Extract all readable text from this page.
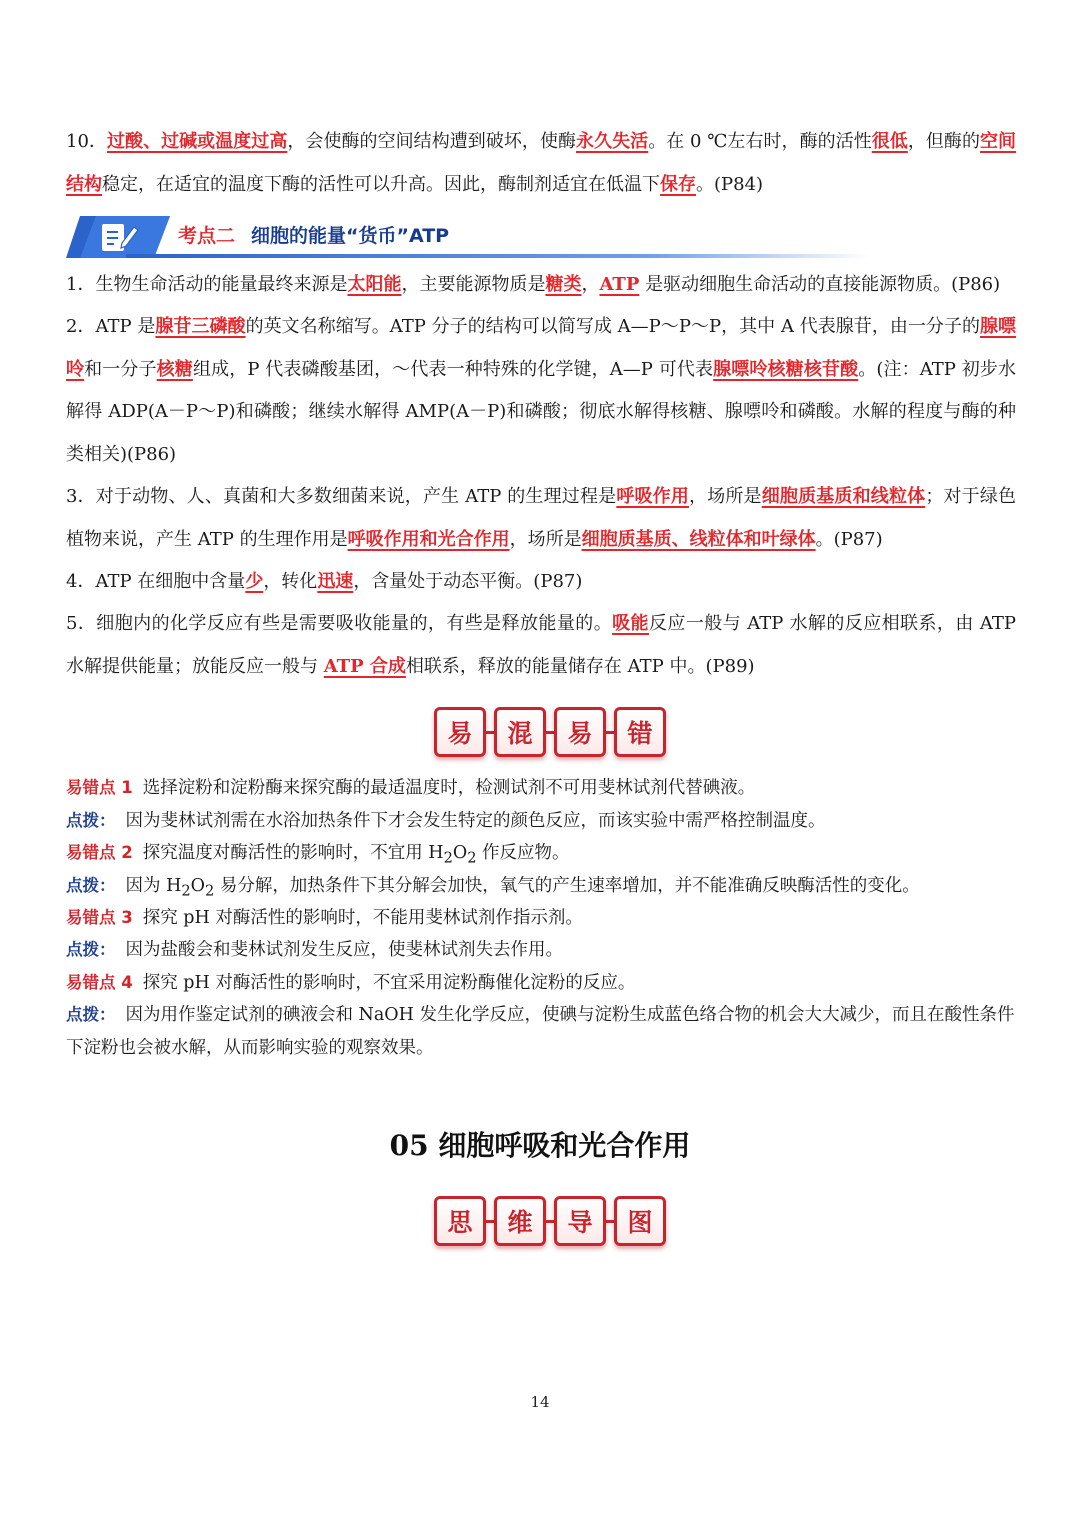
10．过酸、过碱或温度过高，会使酶的空间结构遭到破坏，使酶永久失活。在 0 ℃左右时，酶的活性很低，但酶的空间结构稳定，在适宜的温度下酶的活性可以升高。因此，酶制剂适宜在低温下保存。(P84)

考点二 细胞的能量“货币”ATP

1．生物生命活动的能量最终来源是太阳能，主要能源物质是糖类，ATP 是驱动细胞生命活动的直接能源物质。(P86)

2．ATP 是腺苷三磷酸的英文名称缩写。ATP 分子的结构可以简写成 A—P～P～P，其中 A 代表腺苷，由一分子的腺嘌呤和一分子核糖组成，P 代表磷酸基团，～代表一种特殊的化学键，A—P 可代表腺嘌呤核糖核苷酸。(注：ATP 初步水解得 ADP(A－P～P)和磷酸；继续水解得 AMP(A－P)和磷酸；彻底水解得核糖、腺嘌呤和磷酸。水解的程度与酶的种类相关)(P86)

3．对于动物、人、真菌和大多数细菌来说，产生 ATP 的生理过程是呼吸作用，场所是细胞质基质和线粒体；对于绿色植物来说，产生 ATP 的生理作用是呼吸作用和光合作用，场所是细胞质基质、线粒体和叶绿体。(P87)

4．ATP 在细胞中含量少，转化迅速，含量处于动态平衡。(P87)

5．细胞内的化学反应有些是需要吸收能量的，有些是释放能量的。吸能反应一般与 ATP 水解的反应相联系，由 ATP 水解提供能量；放能反应一般与 ATP 合成相联系，释放的能量储存在 ATP 中。(P89)

易	混	易	错

易错点 1 选择淀粉和淀粉酶来探究酶的最适温度时，检测试剂不可用斐林试剂代替碘液。

点拨： 因为斐林试剂需在水浴加热条件下才会发生特定的颜色反应，而该实验中需严格控制温度。

易错点 2 探究温度对酶活性的影响时，不宜用 $H_2O_2$ 作反应物。

点拨： 因为 $H_2O_2$ 易分解，加热条件下其分解会加快，氧气的产生速率增加，并不能准确反映酶活性的变化。

易错点 3 探究 pH 对酶活性的影响时，不能用斐林试剂作指示剂。

点拨： 因为盐酸会和斐林试剂发生反应，使斐林试剂失去作用。

易错点 4 探究 pH 对酶活性的影响时，不宜采用淀粉酶催化淀粉的反应。

点拨： 因为用作鉴定试剂的碘液会和 NaOH 发生化学反应，使碘与淀粉生成蓝色络合物的机会大大减少，而且在酸性条件下淀粉也会被水解，从而影响实验的观察效果。

05 细胞呼吸和光合作用
思	维	导	图
14
